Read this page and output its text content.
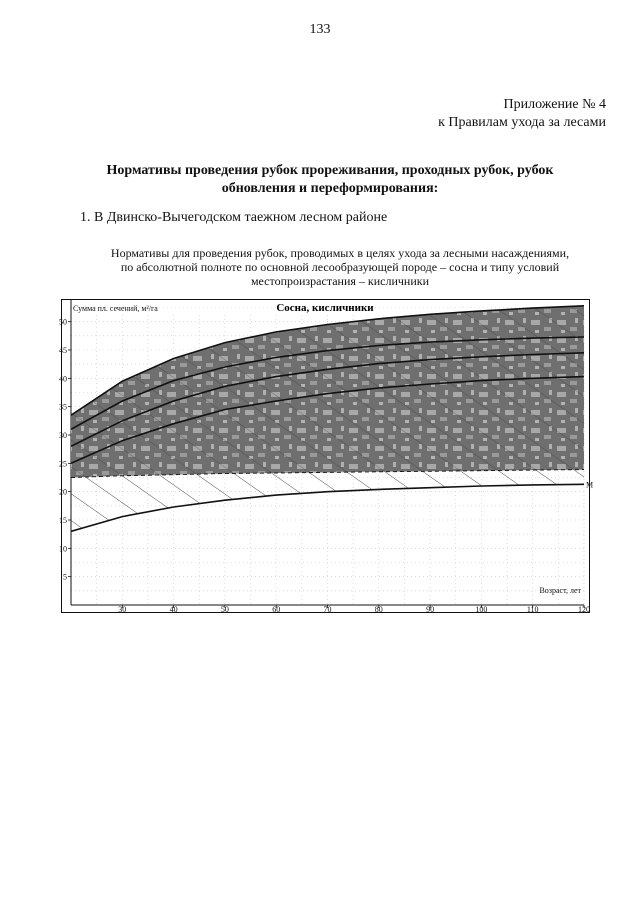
133
Приложение № 4
к Правилам ухода за лесами
Нормативы проведения рубок прореживания, проходных рубок, рубок
обновления и переформирования:
1. В Двинско-Вычегодском таежном лесном районе
Нормативы для проведения рубок, проводимых в целях ухода за лесными насаждениями,
по абсолютной полноте по основной лесообразующей породе – сосна и типу условий
местопроизрастания – кисличники
M
30	40	50	60	70	80	90	100	110	120
5
10
15
20
25
30
35
40
45
50
Сосна, кисличники
Сумма пл. сечений, м²/га
Возраст, лет
